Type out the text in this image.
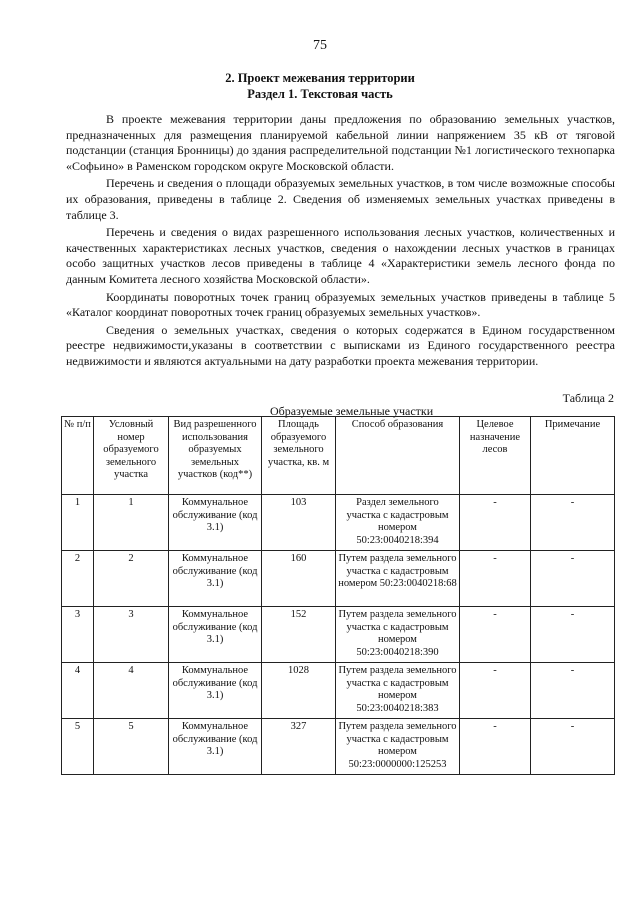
75
2. Проект межевания территории
Раздел 1. Текстовая часть

В проекте межевания территории даны предложения по образованию земельных участков, предназначенных для размещения планируемой кабельной линии напряжением 35 кВ от тяговой подстанции (станция Бронницы) до здания распределительной подстанции №1 логистического технопарка «Софьино» в Раменском городском округе Московской области.

Перечень и сведения о площади образуемых земельных участков, в том числе возможные способы их образования, приведены в таблице 2. Сведения об изменяемых земельных участках приведены в таблице 3.

Перечень и сведения о видах разрешенного использования лесных участков, количественных и качественных характеристиках лесных участков, сведения о нахождении лесных участков в границах особо защитных участков лесов приведены в таблице 4 «Характеристики земель лесного фонда по данным Комитета лесного хозяйства Московской области».

Координаты поворотных точек границ образуемых земельных участков приведены в таблице 5 «Каталог координат поворотных точек границ образуемых земельных участков».

Сведения о земельных участках, сведения о которых содержатся в Едином государственном реестре недвижимости,указаны в соответствии с выписками из Единого государственного реестра недвижимости и являются актуальными на дату разработки проекта межевания территории.

Таблица 2
Образуемые земельные участки
№ п/п	Условный номер образуемого земельного участка	Вид разрешенного использования образуемых земельных участков (код**)	Площадь образуемого земельного участка, кв. м	Способ образования	Целевое назначение лесов	Примечание
1	1	Коммунальное обслуживание (код 3.1)	103	Раздел земельного участка с кадастровым номером 50:23:0040218:394	-	-
2	2	Коммунальное обслуживание (код 3.1)	160	Путем раздела земельного участка с кадастровым номером 50:23:0040218:68	-	-
3	3	Коммунальное обслуживание (код 3.1)	152	Путем раздела земельного участка с кадастровым номером 50:23:0040218:390	-	-
4	4	Коммунальное обслуживание (код 3.1)	1028	Путем раздела земельного участка с кадастровым номером 50:23:0040218:383	-	-
5	5	Коммунальное обслуживание (код 3.1)	327	Путем раздела земельного участка с кадастровым номером 50:23:0000000:125253	-	-
